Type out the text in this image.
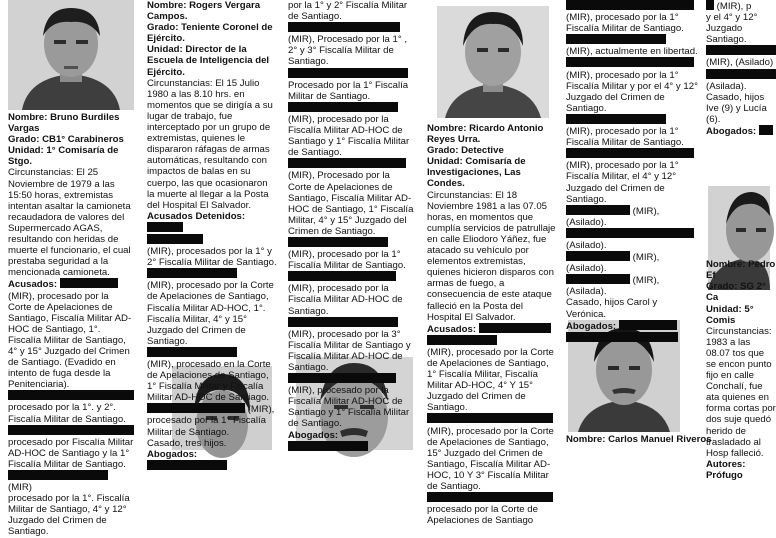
Nombre: Bruno Burdiles Vargas

Grado: CB1° Carabineros

Unidad: 1° Comisaría de Stgo.

Circunstancias: El 25 Noviembre de 1979 a las 15:50 horas, extremistas intentan asaltar la camioneta recaudadora de valores del Supermercado AGAS, resultando con heridas de muerte el funcionario, el cual prestaba seguridad a la mencionada camioneta.

Acusados:

(MIR), procesado por la Corte de Apelaciones de Santiago, Fiscalía Militar AD-HOC de Santiago, 1°. Fiscalía Militar de Santiago, 4° y 15° Juzgado del Crimen de Santiago. (Evadido en intento de fuga desde la Penitenciaria).

procesado por la 1°. y 2°. Fiscalía Militar de Santiago.

procesado por Fiscalía Militar AD-HOC de Santiago y la 1° Fiscalía Militar de Santiago.

(MIR)

procesado por la 1°. Fiscalía Militar de Santiago, 4° y 12° Juzgado del Crimen de Santiago.

Nombre: Rogers Vergara Campos.

Grado: Teniente Coronel de Ejército.

Unidad: Director de la Escuela de Inteligencia del Ejército.

Circunstancias: El 15 Julio 1980 a las 8.10 hrs. en momentos que se dirigía a su lugar de trabajo, fue interceptado por un grupo de extremistas, quienes le dispararon ráfagas de armas automáticas, resultando con impactos de balas en su cuerpo, las que ocasionaron la muerte al llegar a la Posta del Hospital El Salvador.

Acusados Detenidos:

(MIR), procesados por la 1° y 2° Fiscalía Militar de Santiago.

(MIR), procesado por la Corte de Apelaciones de Santiago, Fiscalía Militar AD-HOC, 1°. Fiscalía Militar, 4° y 15° Juzgado del Crimen de Santiago.

(MIR), procesado en la Corte de Apelaciones de Santiago, 1° Fiscalía Militar y Fiscalía Militar AD-HOC de Santiago.

(MIR),

procesado por la 1° Fiscalía Militar de Santiago.

Casado, tres hijos.

Abogados:

por la 1° y 2° Fiscalía Militar de Santiago.

(MIR), Procesado por la 1° , 2° y 3° Fiscalía Militar de Santiago.

Procesado por la 1° Fiscalía Militar de Santiago.

(MIR), procesado por la Fiscalía Militar AD-HOC de Santiago y 1° Fiscalía Militar de Santiago.

(MIR), Procesado por la Corte de Apelaciones de Santiago, Fiscalía Militar AD-HOC de Santiago, 1° Fiscalía Militar, 4° y 15° Juzgado del Crimen de Santiago.

(MIR), procesado por la 1° Fiscalía Militar de Santiago.

(MIR), procesado por la Fiscalía Militar AD-HOC de Santiago.

(MIR), procesado por la 3° Fiscalía Militar de Santiago y Fiscalía Militar AD-HOC de Santiago.

(MIR), procesado por la Fiscalía Militar AD-HOC de Santiago y 1° Fiscalía Militar de Santiago.

Abogados:

Nombre: Ricardo Antonio Reyes Urra.

Grado: Detective

Unidad: Comisaría de Investigaciones, Las Condes.

Circunstancias: El 18 Noviembre 1981 a las 07.05 horas, en momentos que cumplía servicios de patrullaje en calle Eliodoro Yáñez, fue atacado su vehículo por elementos extremistas, quienes hicieron disparos con armas de fuego, a consecuencia de este ataque falleció en la Posta del Hospital El Salvador.

Acusados:

(MIR), procesado por la Corte de Apelaciones de Santiago, 1° Fiscalía Militar, Fiscalía Militar AD-HOC, 4° Y 15° Juzgado del Crimen de Santiago.

(MIR), procesado por la Corte de Apelaciones de Santiago, 15° Juzgado del Crimen de Santiago, Fiscalía Militar AD-HOC, 10 Y 3° Fiscalía Militar de Santiago.

procesado por la Corte de Apelaciones de Santiago

(MIR), procesado por la 1° Fiscalía Militar de Santiago.

(MIR), actualmente en libertad.

(MIR), procesado por la 1° Fiscalía Militar y por el 4° y 12° Juzgado del Crimen de Santiago.

(MIR), procesado por la 1° Fiscalía Militar de Santiago.

(MIR), procesado por la 1° Fiscalía Militar, el 4° y 12° Juzgado del Crimen de Santiago.

(MIR), (Asilado).

(Asilado).

(MIR), (Asilado).

(MIR), (Asilada).

Casado, hijos Carol y Verónica.

Abogados:

Nombre: Carlos Manuel Riveros

(MIR), p

y el 4° y 12° Juzgado

Santiago.

(MIR), (Asilado)

(Asilada).

Casado, hijos Ive (9) y Lucía (6).

Abogados:

Nombre: Pedro Ef

Grado: SG 2° Ca

Unidad: 5° Comis

Circunstancias: 1983 a las 08.07 tos que se encon punto fijo en calle Conchalí, fue ata quienes en forma cortas por dos suje quedó herido de trasladado al Hosp falleció.

Autores: Prófugo
